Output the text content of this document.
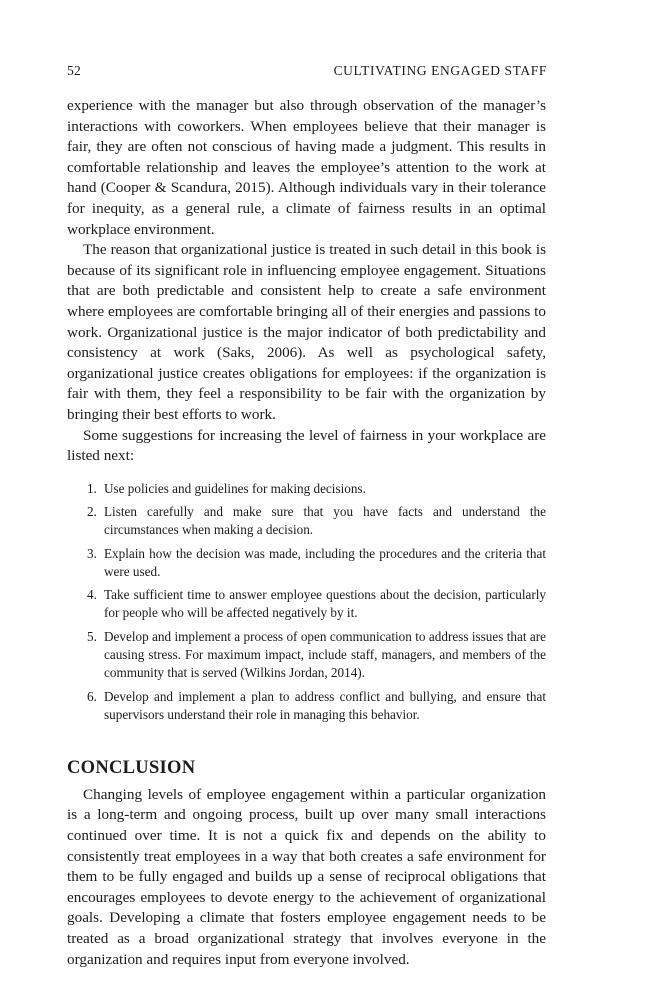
52	CULTIVATING ENGAGED STAFF

experience with the manager but also through observation of the manager’s interactions with coworkers. When employees believe that their manager is fair, they are often not conscious of having made a judgment. This results in comfortable relationship and leaves the employee’s attention to the work at hand (Cooper & Scandura, 2015). Although individuals vary in their tolerance for inequity, as a general rule, a climate of fairness results in an optimal workplace environment.

The reason that organizational justice is treated in such detail in this book is because of its significant role in influencing employee engagement. Situations that are both predictable and consistent help to create a safe environment where employees are comfortable bringing all of their energies and passions to work. Organizational justice is the major indicator of both predictability and consistency at work (Saks, 2006). As well as psychological safety, organizational justice creates obligations for employees: if the organization is fair with them, they feel a responsibility to be fair with the organization by bringing their best efforts to work.

Some suggestions for increasing the level of fairness in your workplace are listed next:

1. Use policies and guidelines for making decisions.
2. Listen carefully and make sure that you have facts and understand the circumstances when making a decision.
3. Explain how the decision was made, including the procedures and the criteria that were used.
4. Take sufficient time to answer employee questions about the decision, particularly for people who will be affected negatively by it.
5. Develop and implement a process of open communication to address issues that are causing stress. For maximum impact, include staff, managers, and members of the community that is served (Wilkins Jordan, 2014).
6. Develop and implement a plan to address conflict and bullying, and ensure that supervisors understand their role in managing this behavior.
CONCLUSION

Changing levels of employee engagement within a particular organization is a long-term and ongoing process, built up over many small interactions continued over time. It is not a quick fix and depends on the ability to consistently treat employees in a way that both creates a safe environment for them to be fully engaged and builds up a sense of reciprocal obligations that encourages employees to devote energy to the achievement of organizational goals. Developing a climate that fosters employee engagement needs to be treated as a broad organizational strategy that involves everyone in the organization and requires input from everyone involved.
